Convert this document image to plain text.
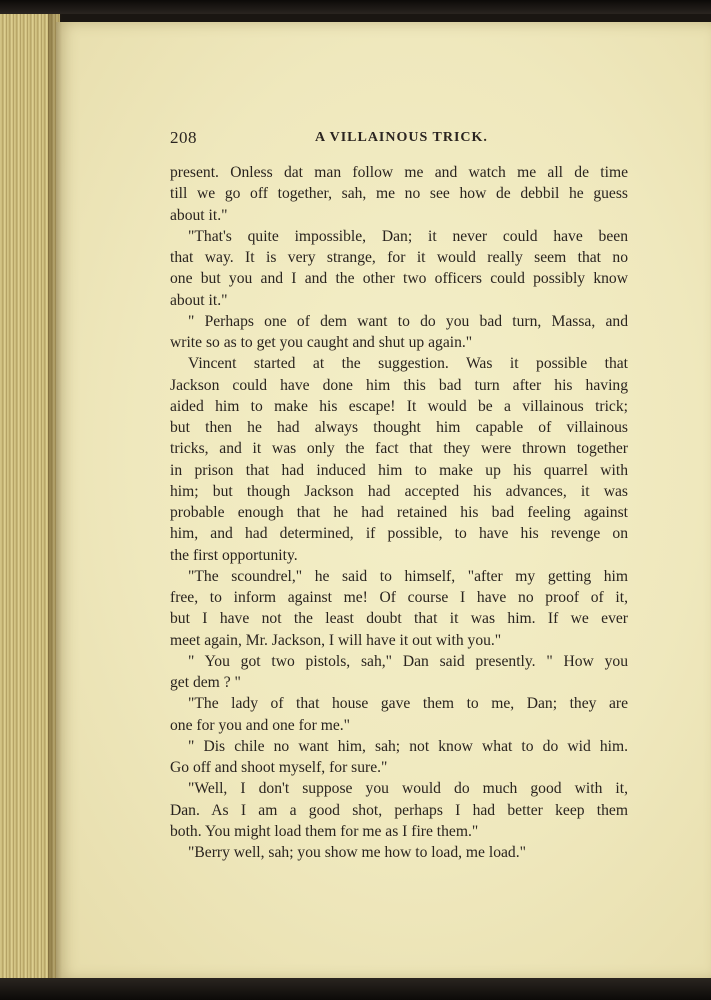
208	A VILLAINOUS TRICK.
present. Onless dat man follow me and watch me all de time
till we go off together, sah, me no see how de debbil he guess
about it."
"That's quite impossible, Dan; it never could have been
that way. It is very strange, for it would really seem that no
one but you and I and the other two officers could possibly know
about it."
" Perhaps one of dem want to do you bad turn, Massa, and
write so as to get you caught and shut up again."
Vincent started at the suggestion. Was it possible that
Jackson could have done him this bad turn after his having
aided him to make his escape! It would be a villainous trick;
but then he had always thought him capable of villainous
tricks, and it was only the fact that they were thrown together
in prison that had induced him to make up his quarrel with
him; but though Jackson had accepted his advances, it was
probable enough that he had retained his bad feeling against
him, and had determined, if possible, to have his revenge on
the first opportunity.
"The scoundrel," he said to himself, "after my getting him
free, to inform against me! Of course I have no proof of it,
but I have not the least doubt that it was him. If we ever
meet again, Mr. Jackson, I will have it out with you."
" You got two pistols, sah," Dan said presently. " How you
get dem ? "
"The lady of that house gave them to me, Dan; they are
one for you and one for me."
" Dis chile no want him, sah; not know what to do wid him.
Go off and shoot myself, for sure."
"Well, I don't suppose you would do much good with it,
Dan. As I am a good shot, perhaps I had better keep them
both. You might load them for me as I fire them."
"Berry well, sah; you show me how to load, me load."
